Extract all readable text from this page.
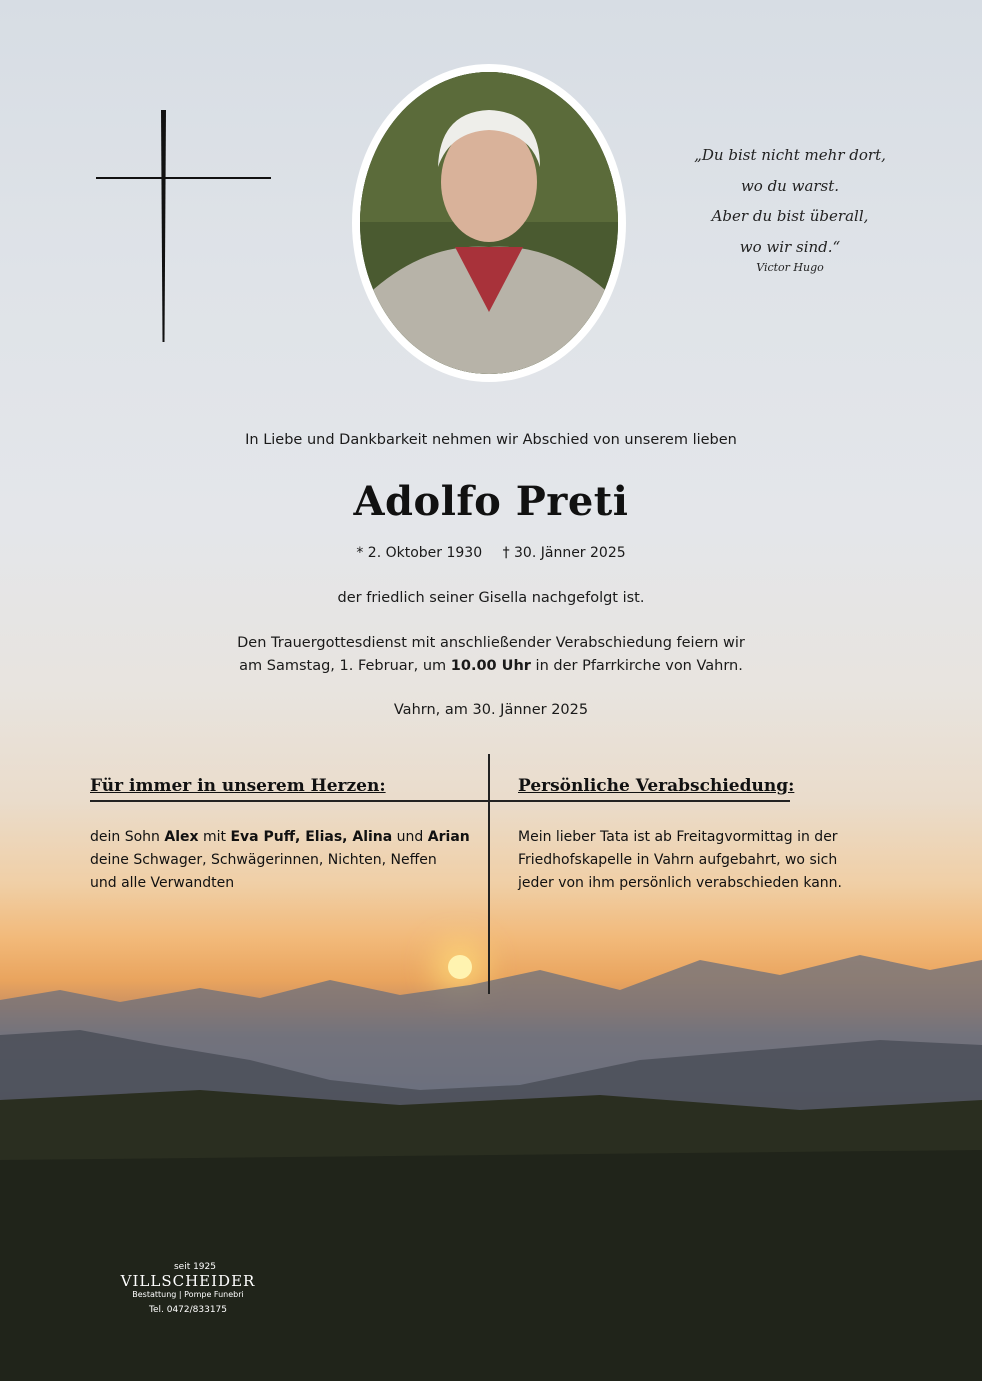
„Du bist nicht mehr dort,
wo du warst.
Aber du bist überall,
wo wir sind.“
Victor Hugo
In Liebe und Dankbarkeit nehmen wir Abschied von unserem lieben
Adolfo Preti
* 2. Oktober 1930 † 30. Jänner 2025
der friedlich seiner Gisella nachgefolgt ist.
Den Trauergottesdienst mit anschließender Verabschiedung feiern wir
am Samstag, 1. Februar, um 10.00 Uhr in der Pfarrkirche von Vahrn.
Vahrn, am 30. Jänner 2025
Für immer in unserem Herzen:	Persönliche Verabschiedung:
dein Sohn Alex mit Eva Puff, Elias, Alina und Arian
deine Schwager, Schwägerinnen, Nichten, Neffen
und alle Verwandten
Mein lieber Tata ist ab Freitagvormittag in der
Friedhofskapelle in Vahrn aufgebahrt, wo sich
jeder von ihm persönlich verabschieden kann.
seit 1925
VILLSCHEIDER
Bestattung | Pompe Funebri
Tel. 0472/833175
